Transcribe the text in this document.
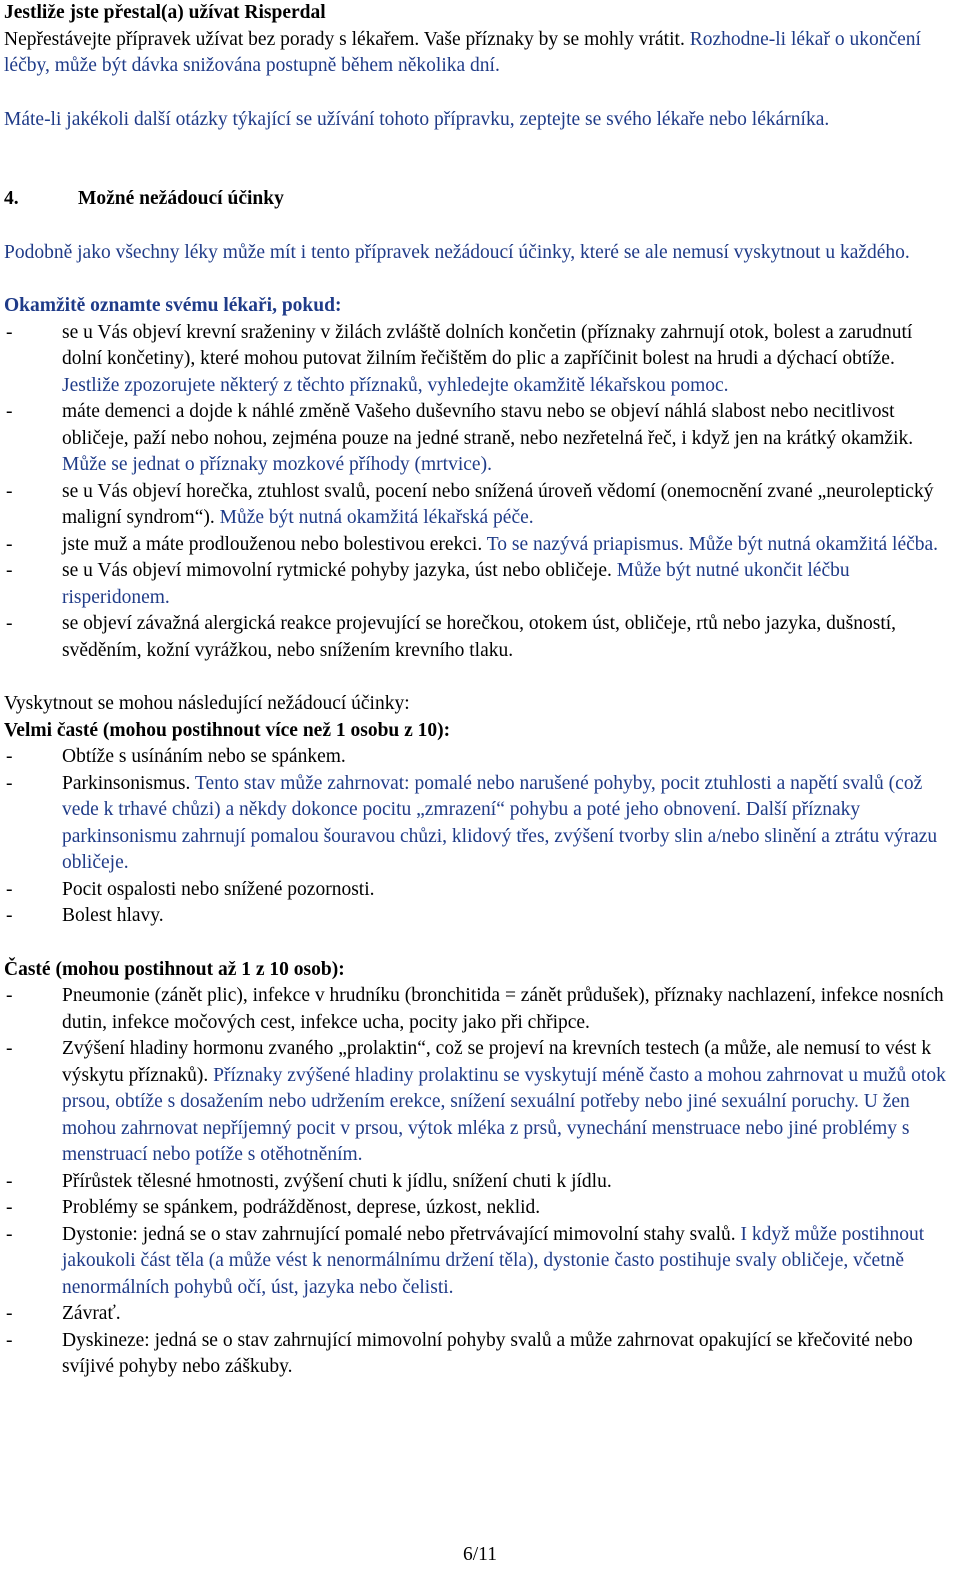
Jestliže jste přestal(a) užívat Risperdal

Nepřestávejte přípravek užívat bez porady s lékařem. Vaše příznaky by se mohly vrátit. Rozhodne-li lékař o ukončení léčby, může být dávka snižována postupně během několika dní.

Máte-li jakékoli další otázky týkající se užívání tohoto přípravku, zeptejte se svého lékaře nebo lékárníka.

4.	Možné nežádoucí účinky

Podobně jako všechny léky může mít i tento přípravek nežádoucí účinky, které se ale nemusí vyskytnout u každého.

Okamžitě oznamte svému lékaři, pokud:

- se u Vás objeví krevní sraženiny v žilách zvláště dolních končetin (příznaky zahrnují otok, bolest a zarudnutí dolní končetiny), které mohou putovat žilním řečištěm do plic a zapříčinit bolest na hrudi a dýchací obtíže. Jestliže zpozorujete některý z těchto příznaků, vyhledejte okamžitě lékařskou pomoc.
- máte demenci a dojde k náhlé změně Vašeho duševního stavu nebo se objeví náhlá slabost nebo necitlivost obličeje, paží nebo nohou, zejména pouze na jedné straně, nebo nezřetelná řeč, i když jen na krátký okamžik. Může se jednat o příznaky mozkové příhody (mrtvice).
- se u Vás objeví horečka, ztuhlost svalů, pocení nebo snížená úroveň vědomí (onemocnění zvané „neuroleptický maligní syndrom“). Může být nutná okamžitá lékařská péče.
- jste muž a máte prodlouženou nebo bolestivou erekci. To se nazývá priapismus. Může být nutná okamžitá léčba.
- se u Vás objeví mimovolní rytmické pohyby jazyka, úst nebo obličeje. Může být nutné ukončit léčbu risperidonem.
- se objeví závažná alergická reakce projevující se horečkou, otokem úst, obličeje, rtů nebo jazyka, dušností, svěděním, kožní vyrážkou, nebo snížením krevního tlaku.

Vyskytnout se mohou následující nežádoucí účinky:

Velmi časté (mohou postihnout více než 1 osobu z 10):

- Obtíže s usínáním nebo se spánkem.
- Parkinsonismus. Tento stav může zahrnovat: pomalé nebo narušené pohyby, pocit ztuhlosti a napětí svalů (což vede k trhavé chůzi) a někdy dokonce pocitu „zmrazení“ pohybu a poté jeho obnovení. Další příznaky parkinsonismu zahrnují pomalou šouravou chůzi, klidový třes, zvýšení tvorby slin a/nebo slinění a ztrátu výrazu obličeje.
- Pocit ospalosti nebo snížené pozornosti.
- Bolest hlavy.

Časté (mohou postihnout až 1 z 10 osob):

- Pneumonie (zánět plic), infekce v hrudníku (bronchitida = zánět průdušek), příznaky nachlazení, infekce nosních dutin, infekce močových cest, infekce ucha, pocity jako při chřipce.
- Zvýšení hladiny hormonu zvaného „prolaktin“, což se projeví na krevních testech (a může, ale nemusí to vést k výskytu příznaků). Příznaky zvýšené hladiny prolaktinu se vyskytují méně často a mohou zahrnovat u mužů otok prsou, obtíže s dosažením nebo udržením erekce, snížení sexuální potřeby nebo jiné sexuální poruchy. U žen mohou zahrnovat nepříjemný pocit v prsou, výtok mléka z prsů, vynechání menstruace nebo jiné problémy s menstruací nebo potíže s otěhotněním.
- Přírůstek tělesné hmotnosti, zvýšení chuti k jídlu, snížení chuti k jídlu.
- Problémy se spánkem, podrážděnost, deprese, úzkost, neklid.
- Dystonie: jedná se o stav zahrnující pomalé nebo přetrvávající mimovolní stahy svalů. I když může postihnout jakoukoli část těla (a může vést k nenormálnímu držení těla), dystonie často postihuje svaly obličeje, včetně nenormálních pohybů očí, úst, jazyka nebo čelisti.
- Závrať.
- Dyskineze: jedná se o stav zahrnující mimovolní pohyby svalů a může zahrnovat opakující se křečovité nebo svíjivé pohyby nebo záškuby.
6/11
